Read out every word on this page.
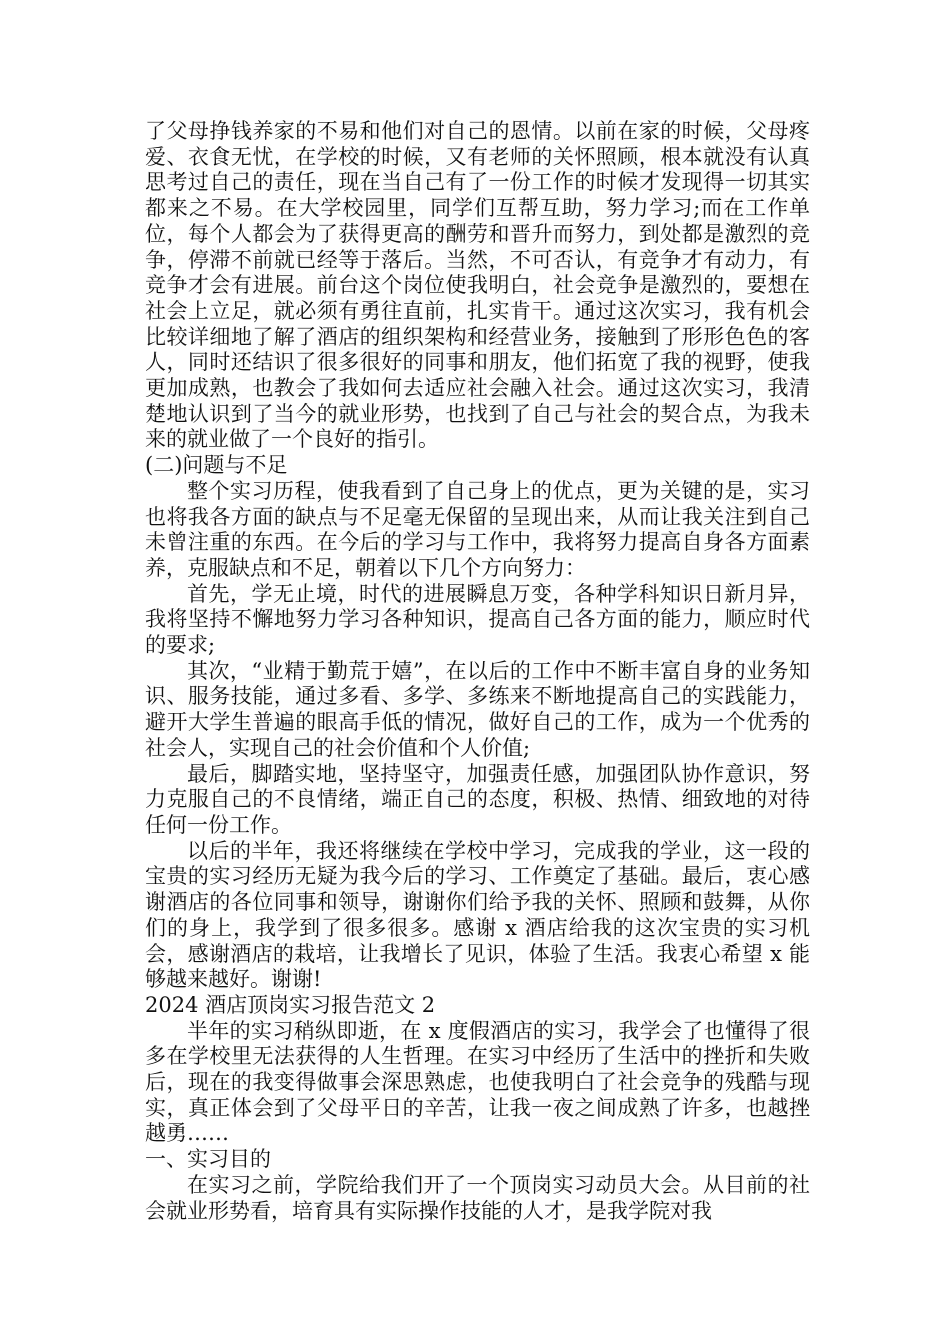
了父母挣钱养家的不易和他们对自己的恩情。以前在家的时候，父母疼爱、衣食无忧，在学校的时候，又有老师的关怀照顾，根本就没有认真思考过自己的责任，现在当自己有了一份工作的时候才发现得一切其实都来之不易。在大学校园里，同学们互帮互助，努力学习;而在工作单位，每个人都会为了获得更高的酬劳和晋升而努力，到处都是激烈的竞争，停滞不前就已经等于落后。当然，不可否认，有竞争才有动力，有竞争才会有进展。前台这个岗位使我明白，社会竞争是激烈的，要想在社会上立足，就必须有勇往直前，扎实肯干。通过这次实习，我有机会比较详细地了解了酒店的组织架构和经营业务，接触到了形形色色的客人，同时还结识了很多很好的同事和朋友，他们拓宽了我的视野，使我更加成熟，也教会了我如何去适应社会融入社会。通过这次实习，我清楚地认识到了当今的就业形势，也找到了自己与社会的契合点，为我未来的就业做了一个良好的指引。

(二)问题与不足

整个实习历程，使我看到了自己身上的优点，更为关键的是，实习也将我各方面的缺点与不足毫无保留的呈现出来，从而让我关注到自己未曾注重的东西。在今后的学习与工作中，我将努力提高自身各方面素养，克服缺点和不足，朝着以下几个方向努力：

首先，学无止境，时代的进展瞬息万变，各种学科知识日新月异，我将坚持不懈地努力学习各种知识，提高自己各方面的能力，顺应时代的要求;

其次，“业精于勤荒于嬉”，在以后的工作中不断丰富自身的业务知识、服务技能，通过多看、多学、多练来不断地提高自己的实践能力，避开大学生普遍的眼高手低的情况，做好自己的工作，成为一个优秀的社会人，实现自己的社会价值和个人价值;

最后，脚踏实地，坚持坚守，加强责任感，加强团队协作意识，努力克服自己的不良情绪，端正自己的态度，积极、热情、细致地的对待任何一份工作。

以后的半年，我还将继续在学校中学习，完成我的学业，这一段的宝贵的实习经历无疑为我今后的学习、工作奠定了基础。最后，衷心感谢酒店的各位同事和领导，谢谢你们给予我的关怀、照顾和鼓舞，从你们的身上，我学到了很多很多。感谢 x 酒店给我的这次宝贵的实习机会，感谢酒店的栽培，让我增长了见识，体验了生活。我衷心希望 x 能够越来越好。谢谢!

2024 酒店顶岗实习报告范文 2

半年的实习稍纵即逝，在 x 度假酒店的实习，我学会了也懂得了很多在学校里无法获得的人生哲理。在实习中经历了生活中的挫折和失败后，现在的我变得做事会深思熟虑，也使我明白了社会竞争的残酷与现实，真正体会到了父母平日的辛苦，让我一夜之间成熟了许多，也越挫越勇……

一、实习目的

在实习之前，学院给我们开了一个顶岗实习动员大会。从目前的社会就业形势看，培育具有实际操作技能的人才，是我学院对我
